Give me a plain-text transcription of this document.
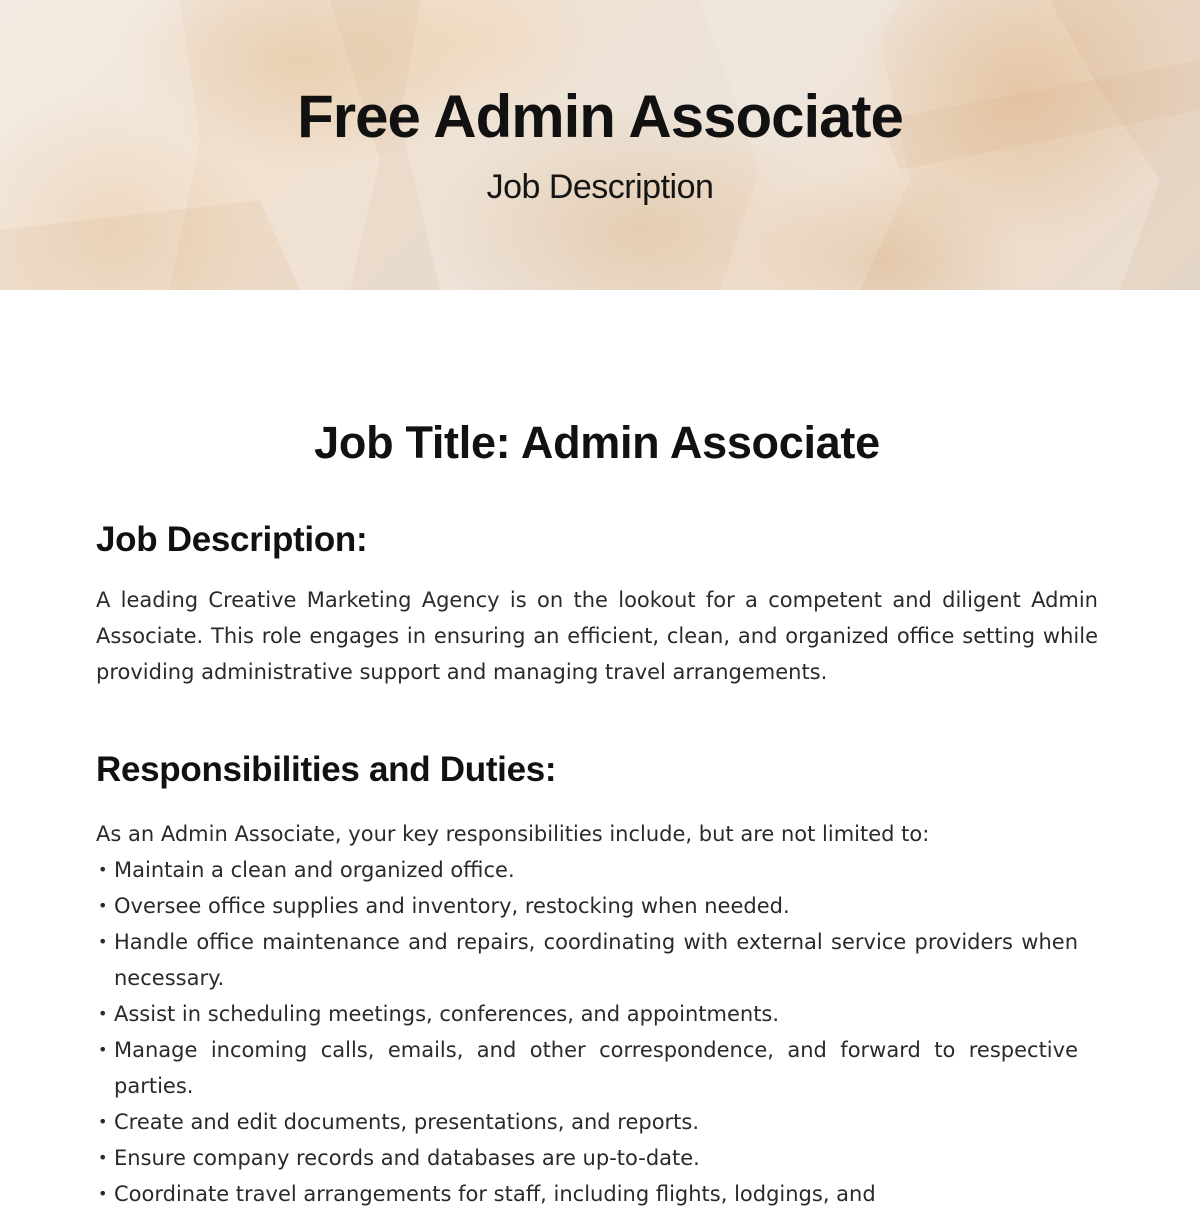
Free Admin Associate
Job Description
Job Title: Admin Associate
Job Description:

A leading Creative Marketing Agency is on the lookout for a competent and diligent Admin Associate. This role engages in ensuring an efficient, clean, and organized office setting while providing administrative support and managing travel arrangements.

Responsibilities and Duties:

As an Admin Associate, your key responsibilities include, but are not limited to:

• Maintain a clean and organized office.
• Oversee office supplies and inventory, restocking when needed.
• Handle office maintenance and repairs, coordinating with external service providers when necessary.
• Assist in scheduling meetings, conferences, and appointments.
• Manage incoming calls, emails, and other correspondence, and forward to respective parties.
• Create and edit documents, presentations, and reports.
• Ensure company records and databases are up-to-date.
• Coordinate travel arrangements for staff, including flights, lodgings, and
